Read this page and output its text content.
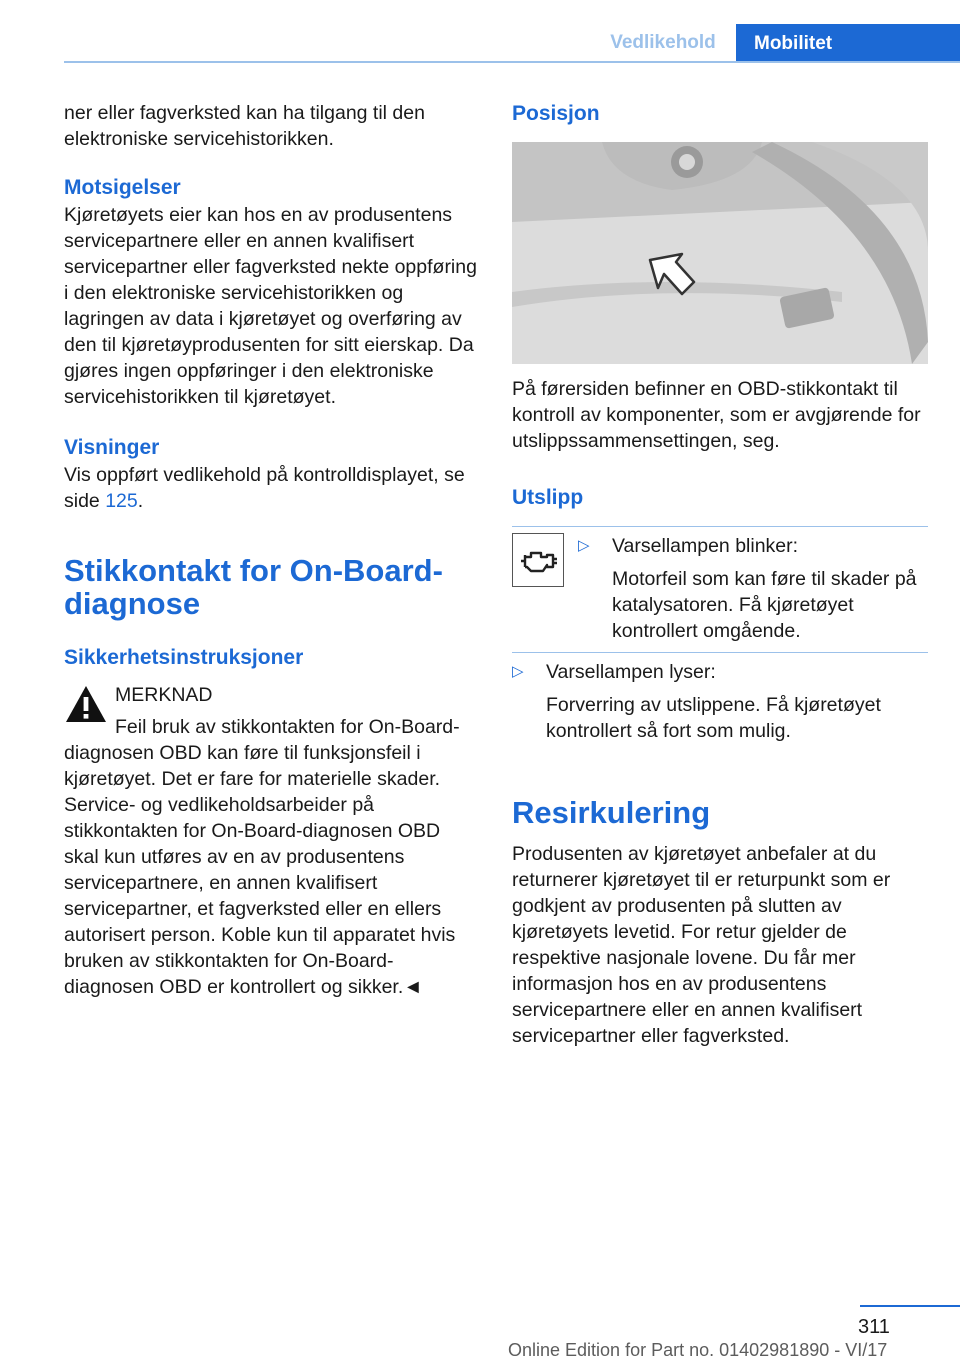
Vedlikehold	Mobilitet

ner eller fagverksted kan ha tilgang til den elektroniske servicehistorikken.

Motsigelser

Kjøretøyets eier kan hos en av produsentens servicepartnere eller en annen kvalifisert servicepartner eller fagverksted nekte oppføring i den elektroniske servicehistorikken og lagringen av data i kjøretøyet og overføring av den til kjøretøyprodusenten for sitt eierskap. Da gjøres ingen oppføringer i den elektroniske servicehistorikken til kjøretøyet.

Visninger

Vis oppført vedlikehold på kontrolldisplayet, se side 125.

Stikkontakt for On-Board-diagnose
Sikkerhetsinstruksjoner

MERKNAD

Feil bruk av stikkontakten for On-Board-diagnosen OBD kan føre til funksjonsfeil i kjøretøyet. Det er fare for materielle skader. Service- og vedlikeholdsarbeider på stikkontakten for On-Board-diagnosen OBD skal kun utføres av en av produsentens servicepartnere, en annen kvalifisert servicepartner, et fagverksted eller en ellers autorisert person. Koble kun til apparatet hvis bruken av stikkontakten for On-Board-diagnosen OBD er kontrollert og sikker.◄

Posisjon

På førersiden befinner en OBD-stikkontakt til kontroll av komponenter, som er avgjørende for utslippssammensettingen, seg.

Utslipp
▷	Varsellampen blinker:

Motorfeil som kan føre til skader på katalysatoren. Få kjøretøyet kontrollert omgående.

▷	Varsellampen lyser:

Forverring av utslippene. Få kjøretøyet kontrollert så fort som mulig.

Resirkulering

Produsenten av kjøretøyet anbefaler at du returnerer kjøretøyet til er returpunkt som er godkjent av produsenten på slutten av kjøretøyets levetid. For retur gjelder de respektive nasjonale lovene. Du får mer informasjon hos en av produsentens servicepartnere eller en annen kvalifisert servicepartner eller fagverksted.

311
Online Edition for Part no. 01402981890 - VI/17
